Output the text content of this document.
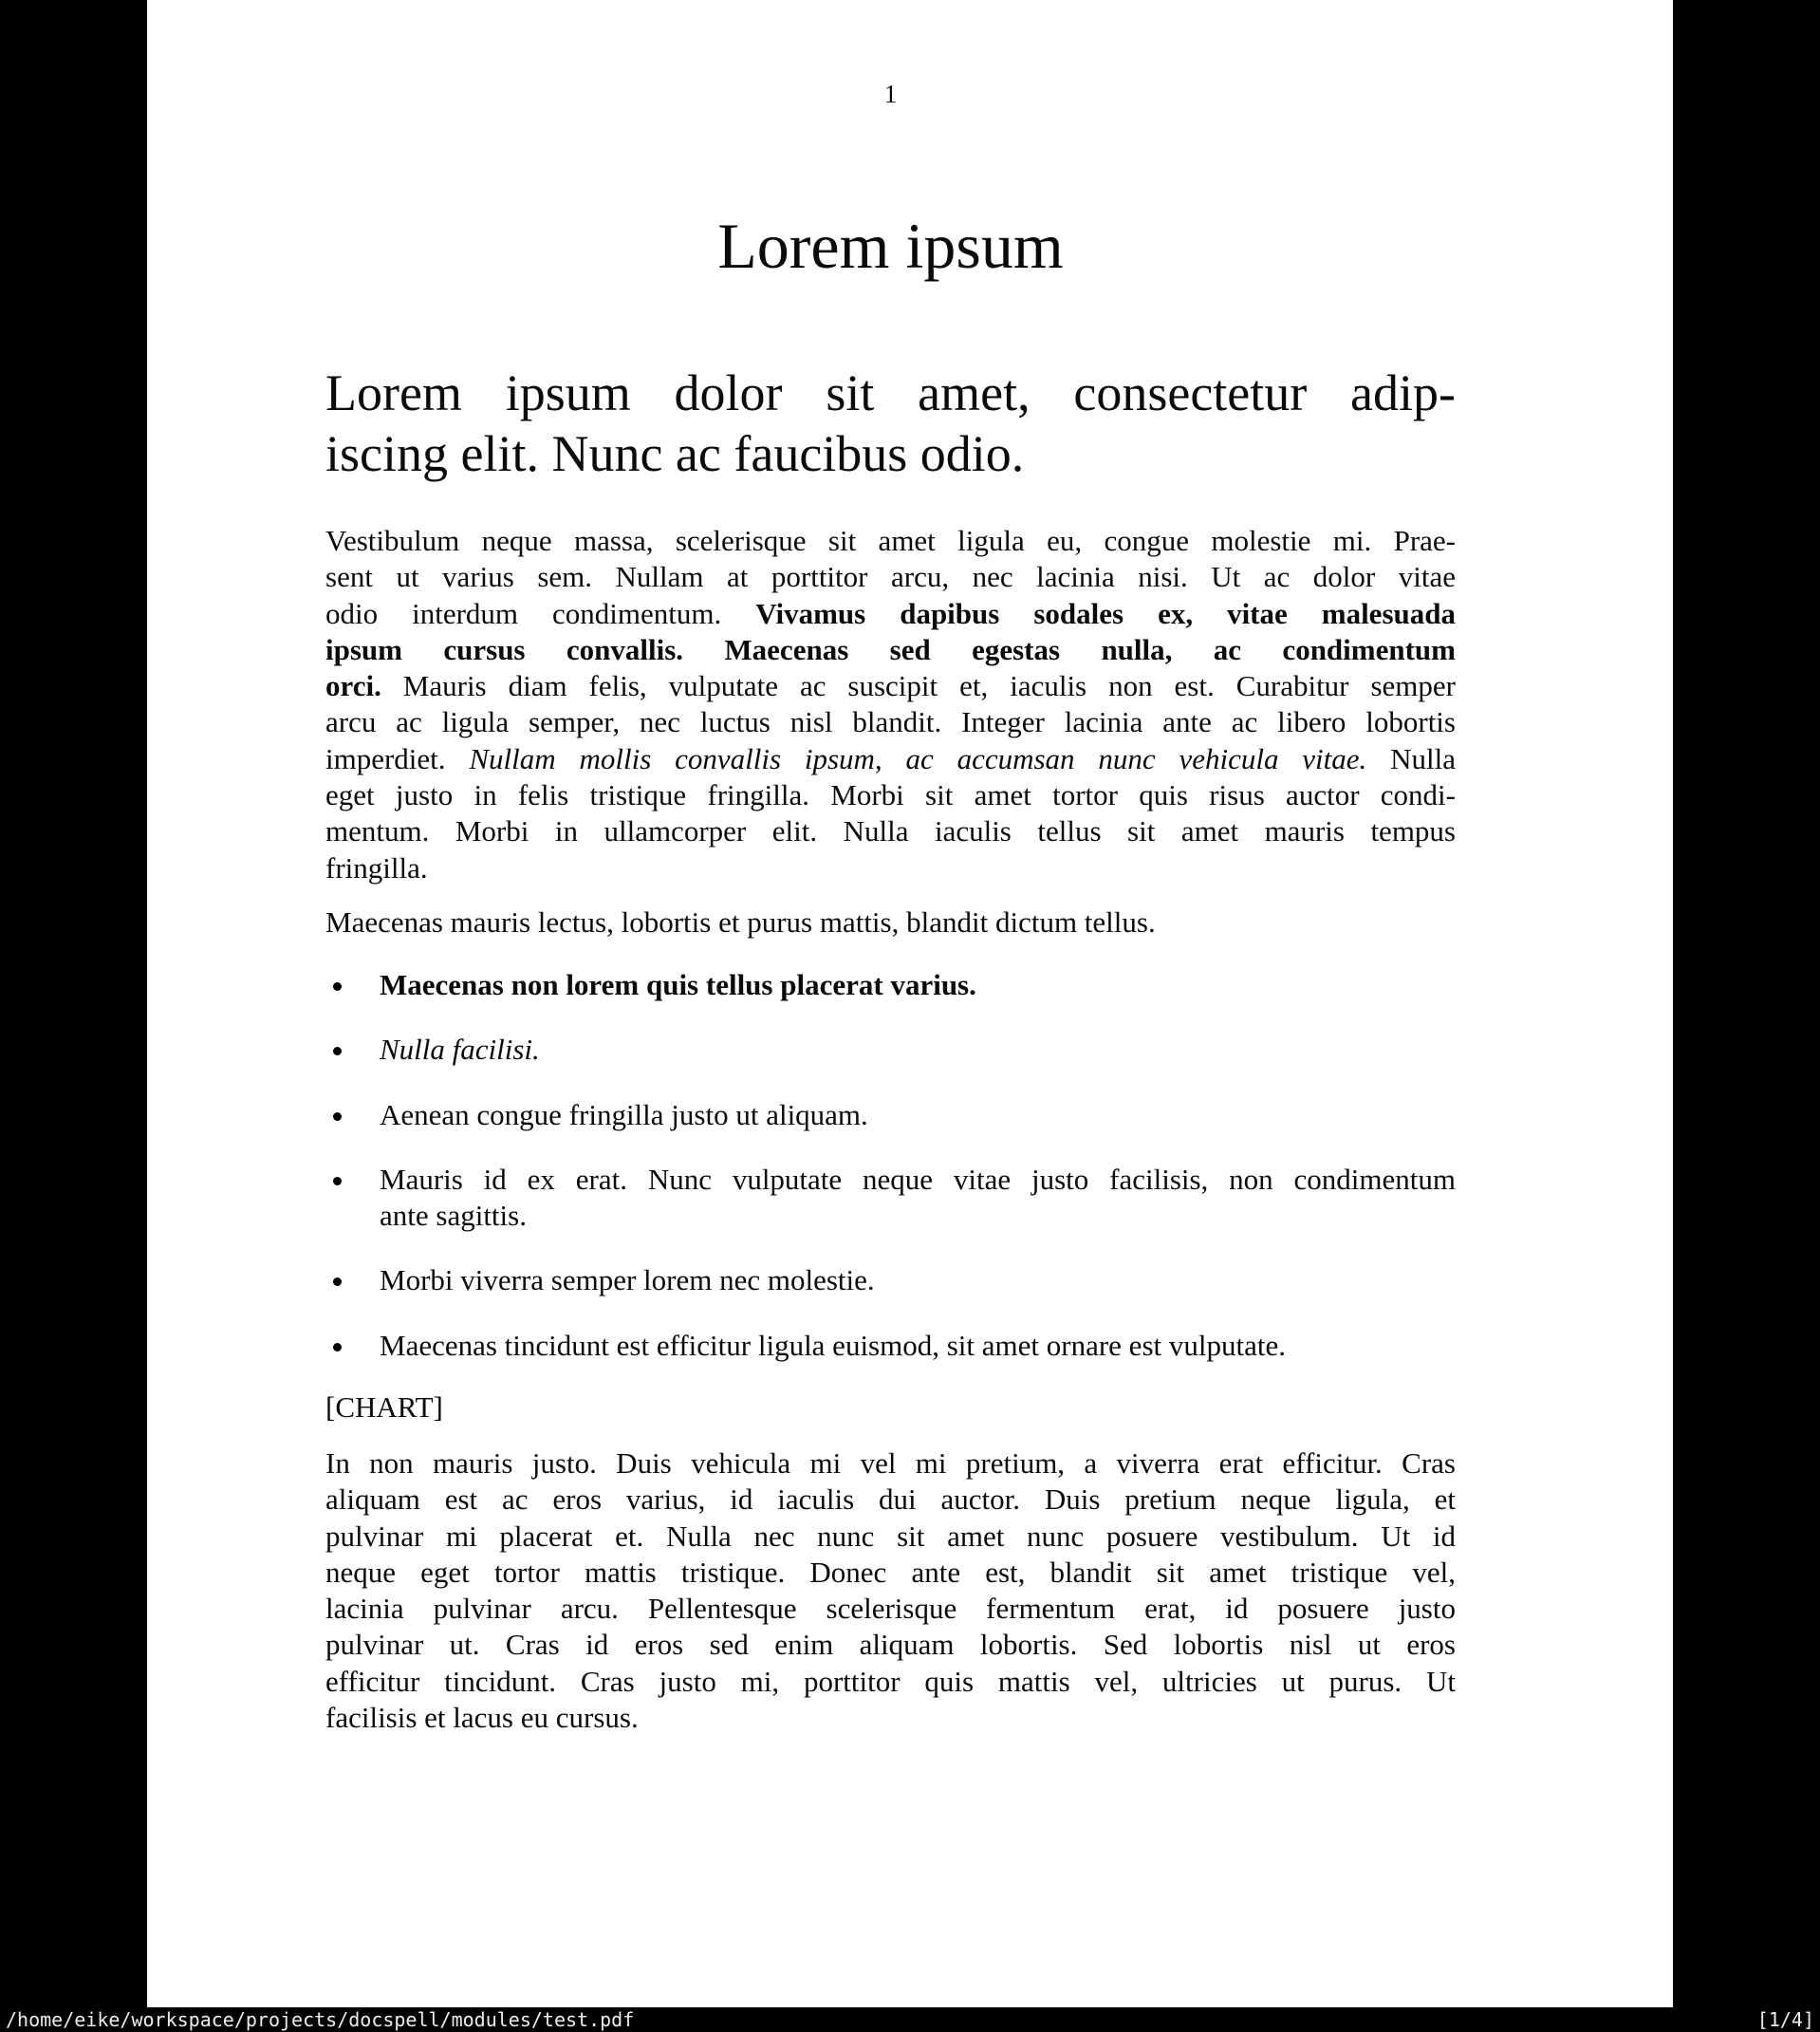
1
Lorem ipsum
Lorem ipsum dolor sit amet, consectetur adip-
iscing elit. Nunc ac faucibus odio.
Vestibulum neque massa, scelerisque sit amet ligula eu, congue molestie mi. Prae-
sent ut varius sem. Nullam at porttitor arcu, nec lacinia nisi. Ut ac dolor vitae
odio interdum condimentum. Vivamus dapibus sodales ex, vitae malesuada
ipsum cursus convallis. Maecenas sed egestas nulla, ac condimentum
orci. Mauris diam felis, vulputate ac suscipit et, iaculis non est. Curabitur semper
arcu ac ligula semper, nec luctus nisl blandit. Integer lacinia ante ac libero lobortis
imperdiet. Nullam mollis convallis ipsum, ac accumsan nunc vehicula vitae. Nulla
eget justo in felis tristique fringilla. Morbi sit amet tortor quis risus auctor condi-
mentum. Morbi in ullamcorper elit. Nulla iaculis tellus sit amet mauris tempus
fringilla.
Maecenas mauris lectus, lobortis et purus mattis, blandit dictum tellus.
Maecenas non lorem quis tellus placerat varius.
Nulla facilisi.
Aenean congue fringilla justo ut aliquam.
Mauris id ex erat. Nunc vulputate neque vitae justo facilisis, non condimentum
ante sagittis.
Morbi viverra semper lorem nec molestie.
Maecenas tincidunt est efficitur ligula euismod, sit amet ornare est vulputate.
[CHART]
In non mauris justo. Duis vehicula mi vel mi pretium, a viverra erat efficitur. Cras
aliquam est ac eros varius, id iaculis dui auctor. Duis pretium neque ligula, et
pulvinar mi placerat et. Nulla nec nunc sit amet nunc posuere vestibulum. Ut id
neque eget tortor mattis tristique. Donec ante est, blandit sit amet tristique vel,
lacinia pulvinar arcu. Pellentesque scelerisque fermentum erat, id posuere justo
pulvinar ut. Cras id eros sed enim aliquam lobortis. Sed lobortis nisl ut eros
efficitur tincidunt. Cras justo mi, porttitor quis mattis vel, ultricies ut purus. Ut
facilisis et lacus eu cursus.
/home/eike/workspace/projects/docspell/modules/test.pdf	[1/4]
